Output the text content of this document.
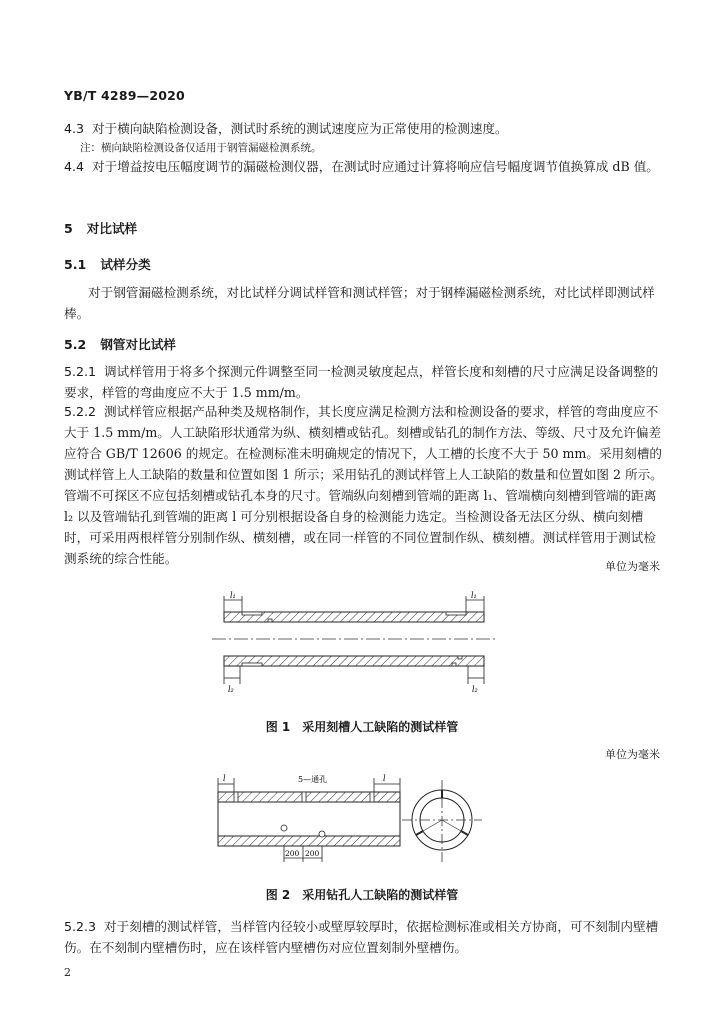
YB/T 4289—2020
4.3 对于横向缺陷检测设备，测试时系统的测试速度应为正常使用的检测速度。
注：横向缺陷检测设备仅适用于钢管漏磁检测系统。
4.4 对于增益按电压幅度调节的漏磁检测仪器，在测试时应通过计算将响应信号幅度调节值换算成 dB 值。
5 对比试样
5.1 试样分类
对于钢管漏磁检测系统，对比试样分调试样管和测试样管；对于钢棒漏磁检测系统，对比试样即测试样棒。
5.2 钢管对比试样
5.2.1 调试样管用于将多个探测元件调整至同一检测灵敏度起点，样管长度和刻槽的尺寸应满足设备调整的要求，样管的弯曲度应不大于 1.5 mm/m。
5.2.2 测试样管应根据产品种类及规格制作，其长度应满足检测方法和检测设备的要求，样管的弯曲度应不大于 1.5 mm/m。人工缺陷形状通常为纵、横刻槽或钻孔。刻槽或钻孔的制作方法、等级、尺寸及允许偏差应符合 GB/T 12606 的规定。在检测标准未明确规定的情况下，人工槽的长度不大于 50 mm。采用刻槽的测试样管上人工缺陷的数量和位置如图 1 所示；采用钻孔的测试样管上人工缺陷的数量和位置如图 2 所示。管端不可探区不应包括刻槽或钻孔本身的尺寸。管端纵向刻槽到管端的距离 l₁、管端横向刻槽到管端的距离 l₂ 以及管端钻孔到管端的距离 l 可分别根据设备自身的检测能力选定。当检测设备无法区分纵、横向刻槽时，可采用两根样管分别制作纵、横刻槽，或在同一样管的不同位置制作纵、横刻槽。测试样管用于测试检测系统的综合性能。
单位为毫米
l₁	l₁
l₂	l₂
图 1 采用刻槽人工缺陷的测试样管
单位为毫米
5—通孔
l	l
200 200
图 2 采用钻孔人工缺陷的测试样管
5.2.3 对于刻槽的测试样管，当样管内径较小或壁厚较厚时，依据检测标准或相关方协商，可不刻制内壁槽伤。在不刻制内壁槽伤时，应在该样管内壁槽伤对应位置刻制外壁槽伤。
2
